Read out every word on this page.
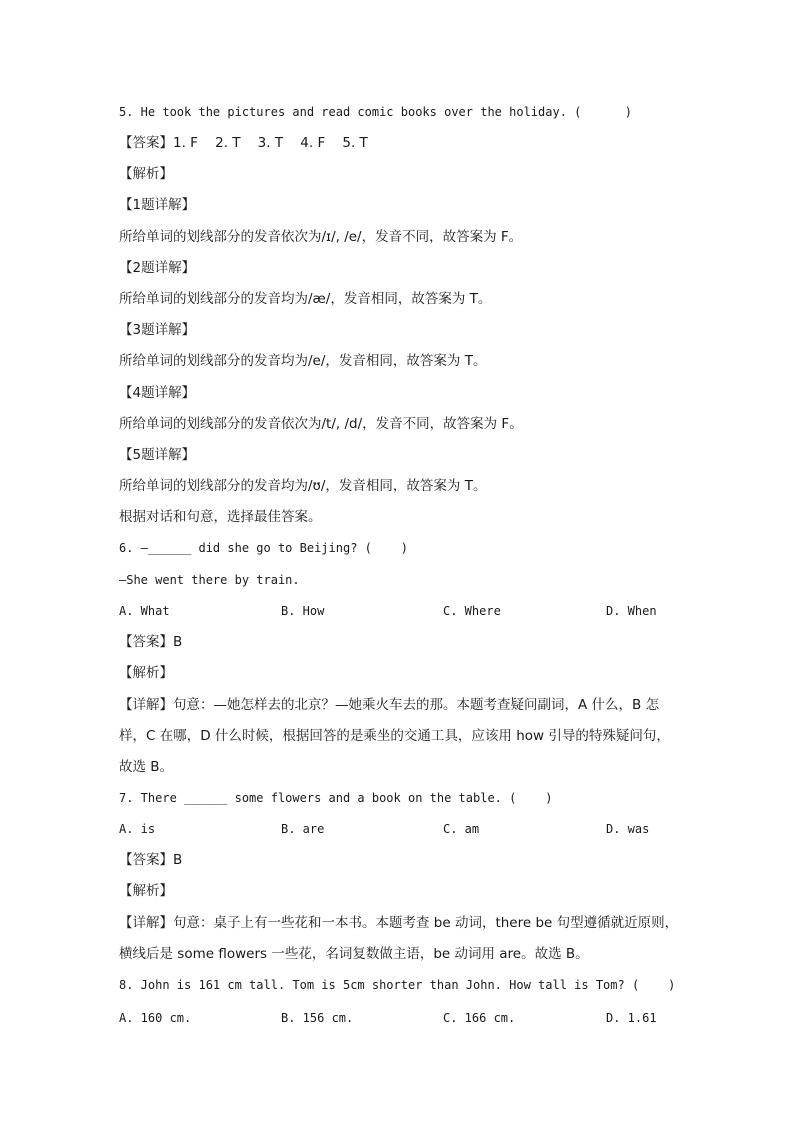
5. He took the pictures and read comic books over the holiday. (      )
【答案】1. F    2. T    3. T    4. F    5. T
【解析】
【1题详解】
所给单词的划线部分的发音依次为/ɪ/, /e/，发音不同，故答案为 F。
【2题详解】
所给单词的划线部分的发音均为/æ/，发音相同，故答案为 T。
【3题详解】
所给单词的划线部分的发音均为/e/，发音相同，故答案为 T。
【4题详解】
所给单词的划线部分的发音依次为/t/, /d/，发音不同，故答案为 F。
【5题详解】
所给单词的划线部分的发音均为/ʊ/，发音相同，故答案为 T。
根据对话和句意，选择最佳答案。
6. —______ did she go to Beijing? (    )
—She went there by train.
A. What	B. How	C. Where	D. When
【答案】B
【解析】
【详解】句意：—她怎样去的北京？—她乘火车去的那。本题考查疑问副词，A 什么，B 怎
样，C 在哪，D 什么时候，根据回答的是乘坐的交通工具，应该用 how 引导的特殊疑问句，
故选 B。
7. There ______ some flowers and a book on the table. (    )
A. is	B. are	C. am	D. was
【答案】B
【解析】
【详解】句意：桌子上有一些花和一本书。本题考查 be 动词，there be 句型遵循就近原则，
横线后是 some flowers 一些花，名词复数做主语，be 动词用 are。故选 B。
8. John is 161 cm tall. Tom is 5cm shorter than John. How tall is Tom? (    )
A. 160 cm.	B. 156 cm.	C. 166 cm.	D. 1.61
